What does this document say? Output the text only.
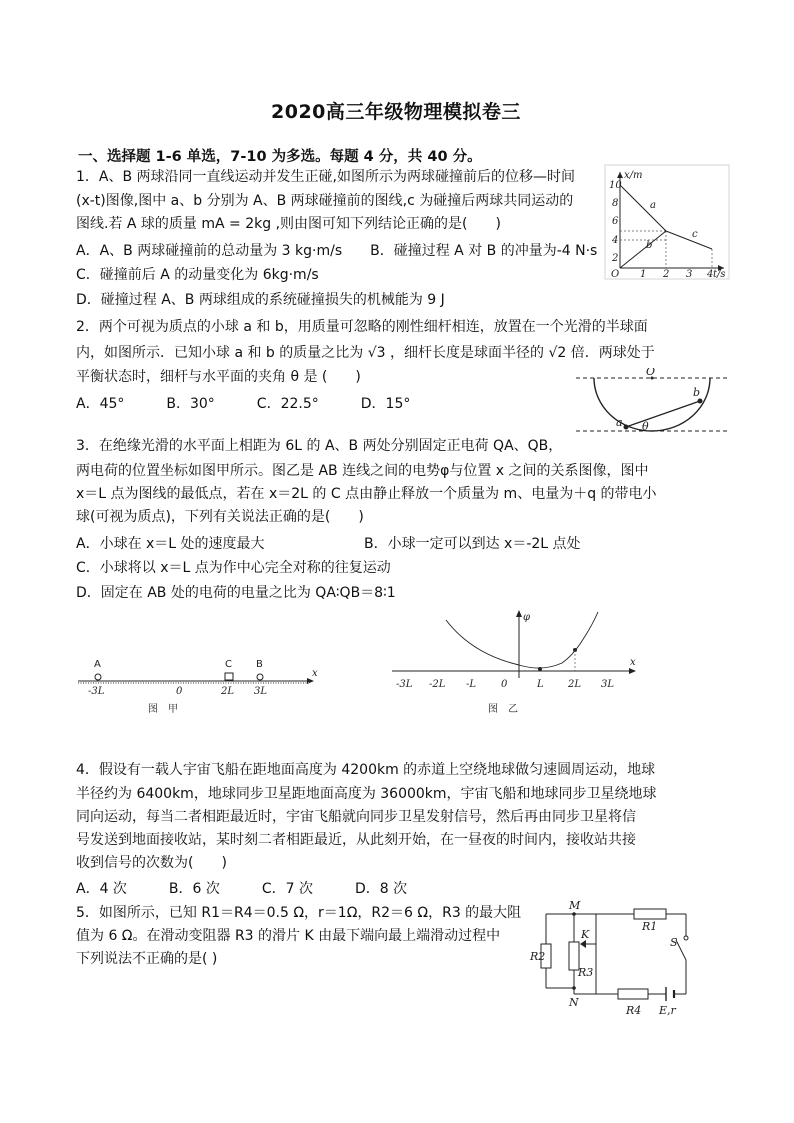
2020高三年级物理模拟卷三
一、选择题 1-6 单选，7-10 为多选。每题 4 分，共 40 分。
1．A、B 两球沿同一直线运动并发生正碰,如图所示为两球碰撞前后的位移—时间
(x-t)图像,图中 a、b 分别为 A、B 两球碰撞前的图线,c 为碰撞后两球共同运动的
图线.若 A 球的质量 mA = 2kg ,则由图可知下列结论正确的是(　　)
A．A、B 两球碰撞前的总动量为 3 kg·m/s　　B．碰撞过程 A 对 B 的冲量为-4 N·s
C．碰撞前后 A 的动量变化为 6kg·m/s
D．碰撞过程 A、B 两球组成的系统碰撞损失的机械能为 9 J
x/m
t/s
10
8
6
4
2
O 1 2 3 4
a
b
c
2．两个可视为质点的小球 a 和 b，用质量可忽略的刚性细杆相连，放置在一个光滑的半球面
内，如图所示．已知小球 a 和 b 的质量之比为 √3 ，细杆长度是球面半径的 √2 倍．两球处于
平衡状态时，细杆与水平面的夹角 θ 是 (　　)
A．45°　　　B．30°　　　C．22.5°　　　D．15°
O
a
b
θ
3．在绝缘光滑的水平面上相距为 6L 的 A、B 两处分别固定正电荷 QA、QB，
两电荷的位置坐标如图甲所示。图乙是 AB 连线之间的电势φ与位置 x 之间的关系图像，图中
x＝L 点为图线的最低点，若在 x＝2L 的 C 点由静止释放一个质量为 m、电量为＋q 的带电小
球(可视为质点)，下列有关说法正确的是(　　)
A．小球在 x＝L 处的速度最大	B．小球一定可以到达 x＝-2L 点处
C．小球将以 x＝L 点为作中心完全对称的往复运动
D．固定在 AB 处的电荷的电量之比为 QA∶QB＝8∶1
A	C B
x
-3L	0	2L 3L
图　甲
φ
x
-3L -2L -L 0	L 2L 3L
图　乙
4．假设有一载人宇宙飞船在距地面高度为 4200km 的赤道上空绕地球做匀速圆周运动，地球
半径约为 6400km，地球同步卫星距地面高度为 36000km，宇宙飞船和地球同步卫星绕地球
同向运动，每当二者相距最近时，宇宙飞船就向同步卫星发射信号，然后再由同步卫星将信
号发送到地面接收站，某时刻二者相距最近，从此刻开始，在一昼夜的时间内，接收站共接
收到信号的次数为(　　)
A．4 次　　　B．6 次　　　C．7 次　　　D．8 次
5．如图所示，已知 R1＝R4＝0.5 Ω，r＝1Ω，R2＝6 Ω，R3 的最大阻
值为 6 Ω。在滑动变阻器 R3 的滑片 K 由最下端向最上端滑动过程中
下列说法不正确的是( )
M
N
K
R1
R2
R3
R4
S
E,r
